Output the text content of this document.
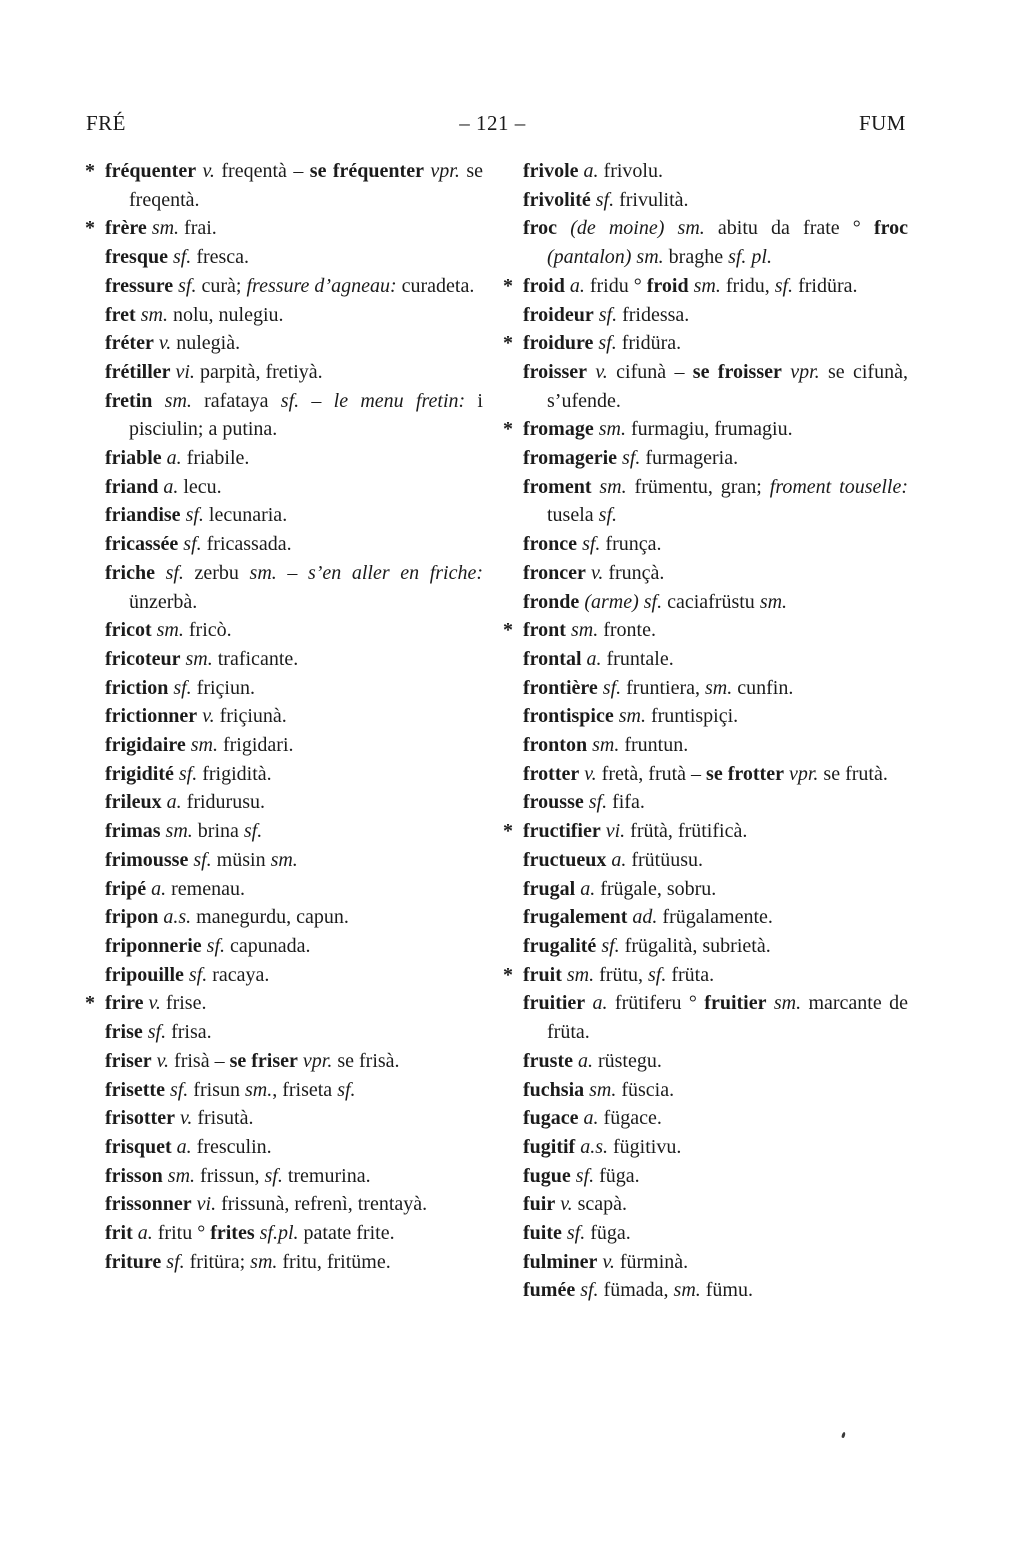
FRÉ	– 121 –	FUM

* fréquenter v. freqentà – se fréquenter vpr. se freqentà.

* frère sm. frai.

fresque sf. fresca.

fressure sf. curà; fressure d’agneau: curadeta.

fret sm. nolu, nulegiu.

fréter v. nulegià.

frétiller vi. parpità, fretiyà.

fretin sm. rafataya sf. – le menu fretin: i pisciulin; a putina.

friable a. friabile.

friand a. lecu.

friandise sf. lecunaria.

fricassée sf. fricassada.

friche sf. zerbu sm. – s’en aller en friche: ünzerbà.

fricot sm. fricò.

fricoteur sm. traficante.

friction sf. friçiun.

frictionner v. friçiunà.

frigidaire sm. frigidari.

frigidité sf. frigidità.

frileux a. fridurusu.

frimas sm. brina sf.

frimousse sf. müsin sm.

fripé a. remenau.

fripon a.s. manegurdu, capun.

friponnerie sf. capunada.

fripouille sf. racaya.

* frire v. frise.

frise sf. frisa.

friser v. frisà – se friser vpr. se frisà.

frisette sf. frisun sm., friseta sf.

frisotter v. frisutà.

frisquet a. fresculin.

frisson sm. frissun, sf. tremurina.

frissonner vi. frissunà, refrenì, trentayà.

frit a. fritu ° frites sf.pl. patate frite.

friture sf. fritüra; sm. fritu, fritüme.

frivole a. frivolu.

frivolité sf. frivulità.

froc (de moine) sm. abitu da frate ° froc (pantalon) sm. braghe sf. pl.

* froid a. fridu ° froid sm. fridu, sf. fridüra.

froideur sf. fridessa.

* froidure sf. fridüra.

froisser v. cifunà – se froisser vpr. se cifunà, s’ufende.

* fromage sm. furmagiu, frumagiu.

fromagerie sf. furmageria.

froment sm. frümentu, gran; froment touselle: tusela sf.

fronce sf. frunça.

froncer v. frunçà.

fronde (arme) sf. caciafrüstu sm.

* front sm. fronte.

frontal a. fruntale.

frontière sf. fruntiera, sm. cunfin.

frontispice sm. fruntispiçi.

fronton sm. fruntun.

frotter v. fretà, frutà – se frotter vpr. se frutà.

frousse sf. fifa.

* fructifier vi. frütà, frütificà.

fructueux a. frütüusu.

frugal a. frügale, sobru.

frugalement ad. frügalamente.

frugalité sf. frügalità, subrietà.

* fruit sm. frütu, sf. früta.

fruitier a. frütiferu ° fruitier sm. marcante de früta.

fruste a. rüstegu.

fuchsia sm. füscia.

fugace a. fügace.

fugitif a.s. fügitivu.

fugue sf. füga.

fuir v. scapà.

fuite sf. füga.

fulminer v. fürminà.

fumée sf. fümada, sm. fümu.
